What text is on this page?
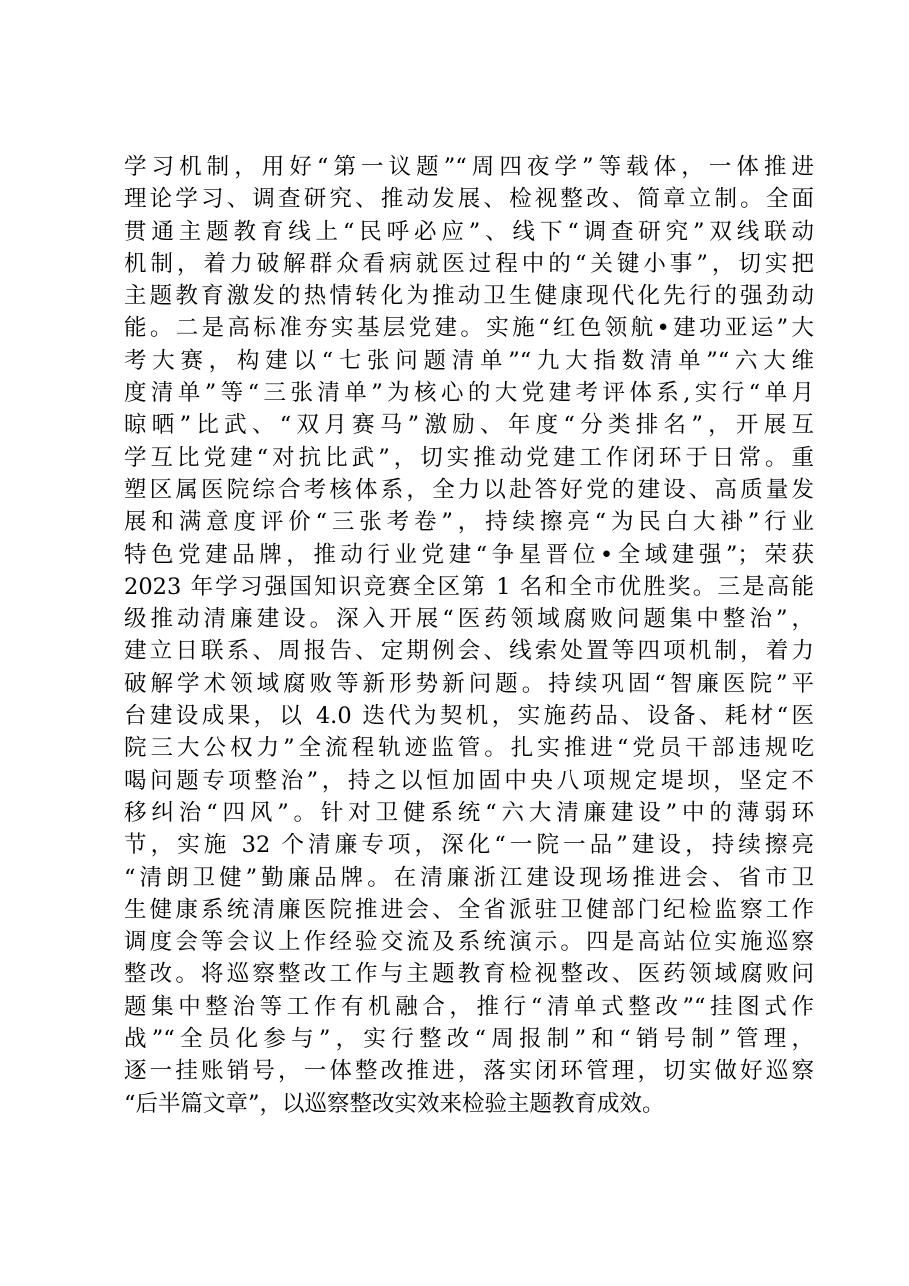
学习机制，用好“第一议题”“周四夜学”等载体，一体推进
理论学习、调查研究、推动发展、检视整改、简章立制。全面
贯通主题教育线上“民呼必应”、线下“调查研究”双线联动
机制，着力破解群众看病就医过程中的“关键小事”，切实把
主题教育激发的热情转化为推动卫生健康现代化先行的强劲动
能。二是高标准夯实基层党建。实施“红色领航•建功亚运”大
考大赛，构建以“七张问题清单”“九大指数清单”“六大维
度清单”等“三张清单”为核心的大党建考评体系,实行“单月
晾晒”比武、“双月赛马”激励、年度“分类排名”，开展互
学互比党建“对抗比武”，切实推动党建工作闭环于日常。重
塑区属医院综合考核体系，全力以赴答好党的建设、高质量发
展和满意度评价“三张考卷”，持续擦亮“为民白大褂”行业
特色党建品牌，推动行业党建“争星晋位•全域建强”；荣获
2023 年学习强国知识竞赛全区第 1 名和全市优胜奖。三是高能
级推动清廉建设。深入开展“医药领域腐败问题集中整治”，
建立日联系、周报告、定期例会、线索处置等四项机制，着力
破解学术领域腐败等新形势新问题。持续巩固“智廉医院”平
台建设成果，以 4.0 迭代为契机，实施药品、设备、耗材“医
院三大公权力”全流程轨迹监管。扎实推进“党员干部违规吃
喝问题专项整治”，持之以恒加固中央八项规定堤坝，坚定不
移纠治“四风”。针对卫健系统“六大清廉建设”中的薄弱环
节，实施 32 个清廉专项，深化“一院一品”建设，持续擦亮
“清朗卫健”勤廉品牌。在清廉浙江建设现场推进会、省市卫
生健康系统清廉医院推进会、全省派驻卫健部门纪检监察工作
调度会等会议上作经验交流及系统演示。四是高站位实施巡察
整改。将巡察整改工作与主题教育检视整改、医药领域腐败问
题集中整治等工作有机融合，推行“清单式整改”“挂图式作
战”“全员化参与”，实行整改“周报制”和“销号制”管理，
逐一挂账销号，一体整改推进，落实闭环管理，切实做好巡察
“后半篇文章”，以巡察整改实效来检验主题教育成效。
